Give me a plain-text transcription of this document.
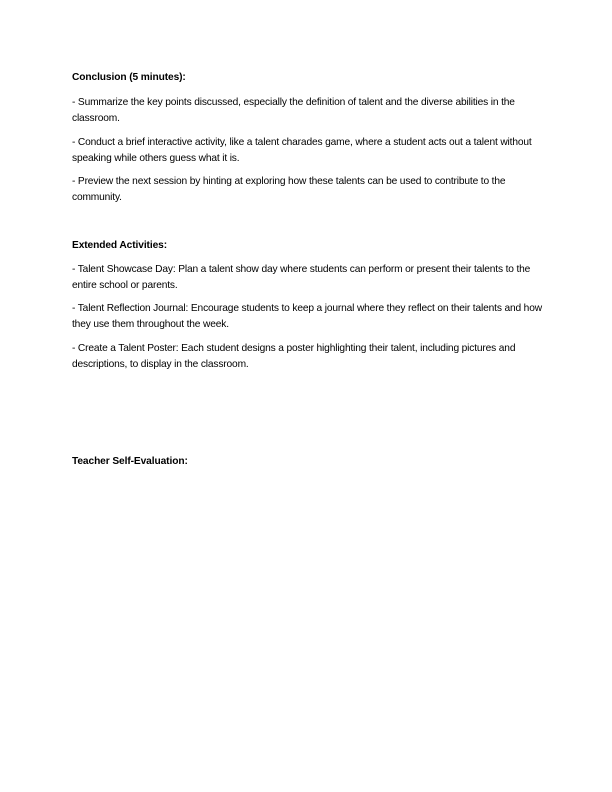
Conclusion (5 minutes):
- Summarize the key points discussed, especially the definition of talent and the diverse abilities in the classroom.
- Conduct a brief interactive activity, like a talent charades game, where a student acts out a talent without speaking while others guess what it is.
- Preview the next session by hinting at exploring how these talents can be used to contribute to the community.
Extended Activities:
- Talent Showcase Day: Plan a talent show day where students can perform or present their talents to the entire school or parents.
- Talent Reflection Journal: Encourage students to keep a journal where they reflect on their talents and how they use them throughout the week.
- Create a Talent Poster: Each student designs a poster highlighting their talent, including pictures and descriptions, to display in the classroom.
Teacher Self-Evaluation:
